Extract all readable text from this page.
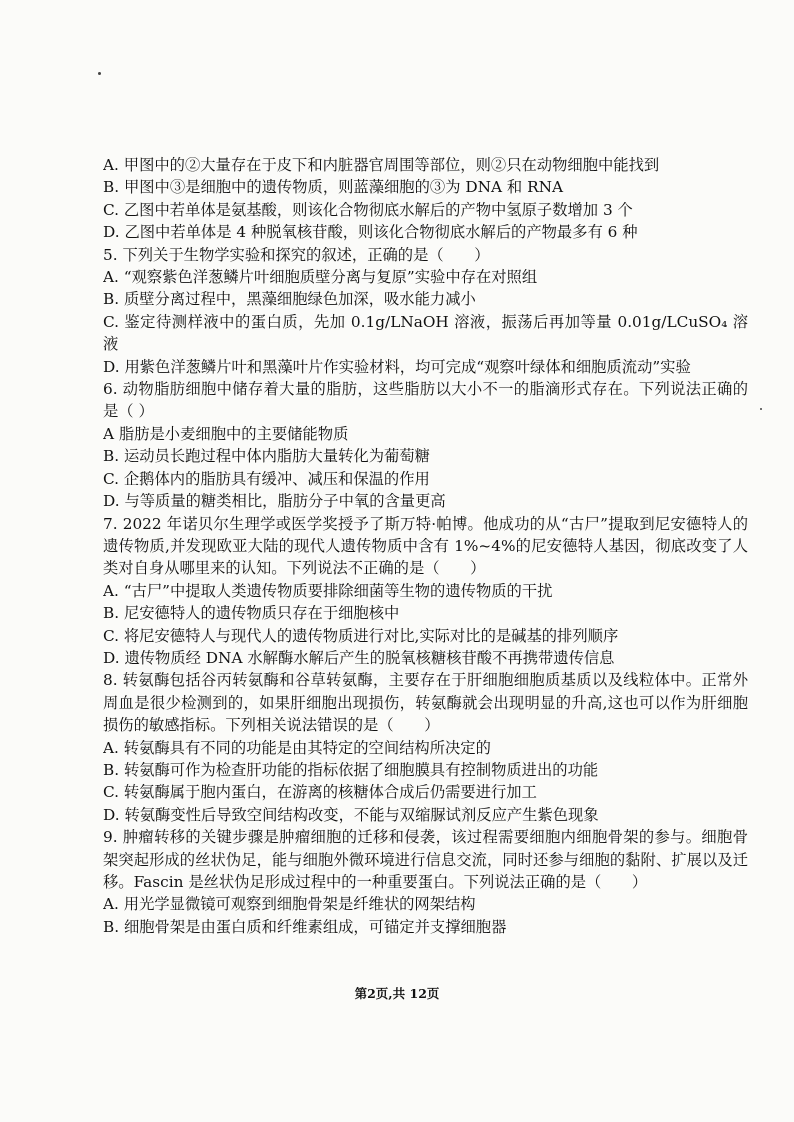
A. 甲图中的②大量存在于皮下和内脏器官周围等部位，则②只在动物细胞中能找到
B. 甲图中③是细胞中的遗传物质，则蓝藻细胞的③为 DNA 和 RNA
C. 乙图中若单体是氨基酸，则该化合物彻底水解后的产物中氢原子数增加 3 个
D. 乙图中若单体是 4 种脱氧核苷酸，则该化合物彻底水解后的产物最多有 6 种
5. 下列关于生物学实验和探究的叙述，正确的是（　　）
A. “观察紫色洋葱鳞片叶细胞质壁分离与复原”实验中存在对照组
B. 质壁分离过程中，黑藻细胞绿色加深，吸水能力减小
C. 鉴定待测样液中的蛋白质，先加 0.1g/LNaOH 溶液，振荡后再加等量 0.01g/LCuSO₄ 溶液
D. 用紫色洋葱鳞片叶和黑藻叶片作实验材料，均可完成“观察叶绿体和细胞质流动”实验
6. 动物脂肪细胞中储存着大量的脂肪，这些脂肪以大小不一的脂滴形式存在。下列说法正确的是（ ）
A 脂肪是小麦细胞中的主要储能物质
B. 运动员长跑过程中体内脂肪大量转化为葡萄糖
C. 企鹅体内的脂肪具有缓冲、减压和保温的作用
D. 与等质量的糖类相比，脂肪分子中氧的含量更高
7. 2022 年诺贝尔生理学或医学奖授予了斯万特·帕博。他成功的从“古尸”提取到尼安德特人的遗传物质,并发现欧亚大陆的现代人遗传物质中含有 1%~4%的尼安德特人基因，彻底改变了人类对自身从哪里来的认知。下列说法不正确的是（　　）
A. “古尸”中提取人类遗传物质要排除细菌等生物的遗传物质的干扰
B. 尼安德特人的遗传物质只存在于细胞核中
C. 将尼安德特人与现代人的遗传物质进行对比,实际对比的是碱基的排列顺序
D. 遗传物质经 DNA 水解酶水解后产生的脱氧核糖核苷酸不再携带遗传信息
8. 转氨酶包括谷丙转氨酶和谷草转氨酶，主要存在于肝细胞细胞质基质以及线粒体中。正常外周血是很少检测到的，如果肝细胞出现损伤，转氨酶就会出现明显的升高,这也可以作为肝细胞损伤的敏感指标。下列相关说法错误的是（　　）
A. 转氨酶具有不同的功能是由其特定的空间结构所决定的
B. 转氨酶可作为检查肝功能的指标依据了细胞膜具有控制物质进出的功能
C. 转氨酶属于胞内蛋白，在游离的核糖体合成后仍需要进行加工
D. 转氨酶变性后导致空间结构改变，不能与双缩脲试剂反应产生紫色现象
9. 肿瘤转移的关键步骤是肿瘤细胞的迁移和侵袭，该过程需要细胞内细胞骨架的参与。细胞骨架突起形成的丝状伪足，能与细胞外微环境进行信息交流，同时还参与细胞的黏附、扩展以及迁移。Fascin 是丝状伪足形成过程中的一种重要蛋白。下列说法正确的是（　　）
A. 用光学显微镜可观察到细胞骨架是纤维状的网架结构
B. 细胞骨架是由蛋白质和纤维素组成，可锚定并支撑细胞器
第2页,共 12页
